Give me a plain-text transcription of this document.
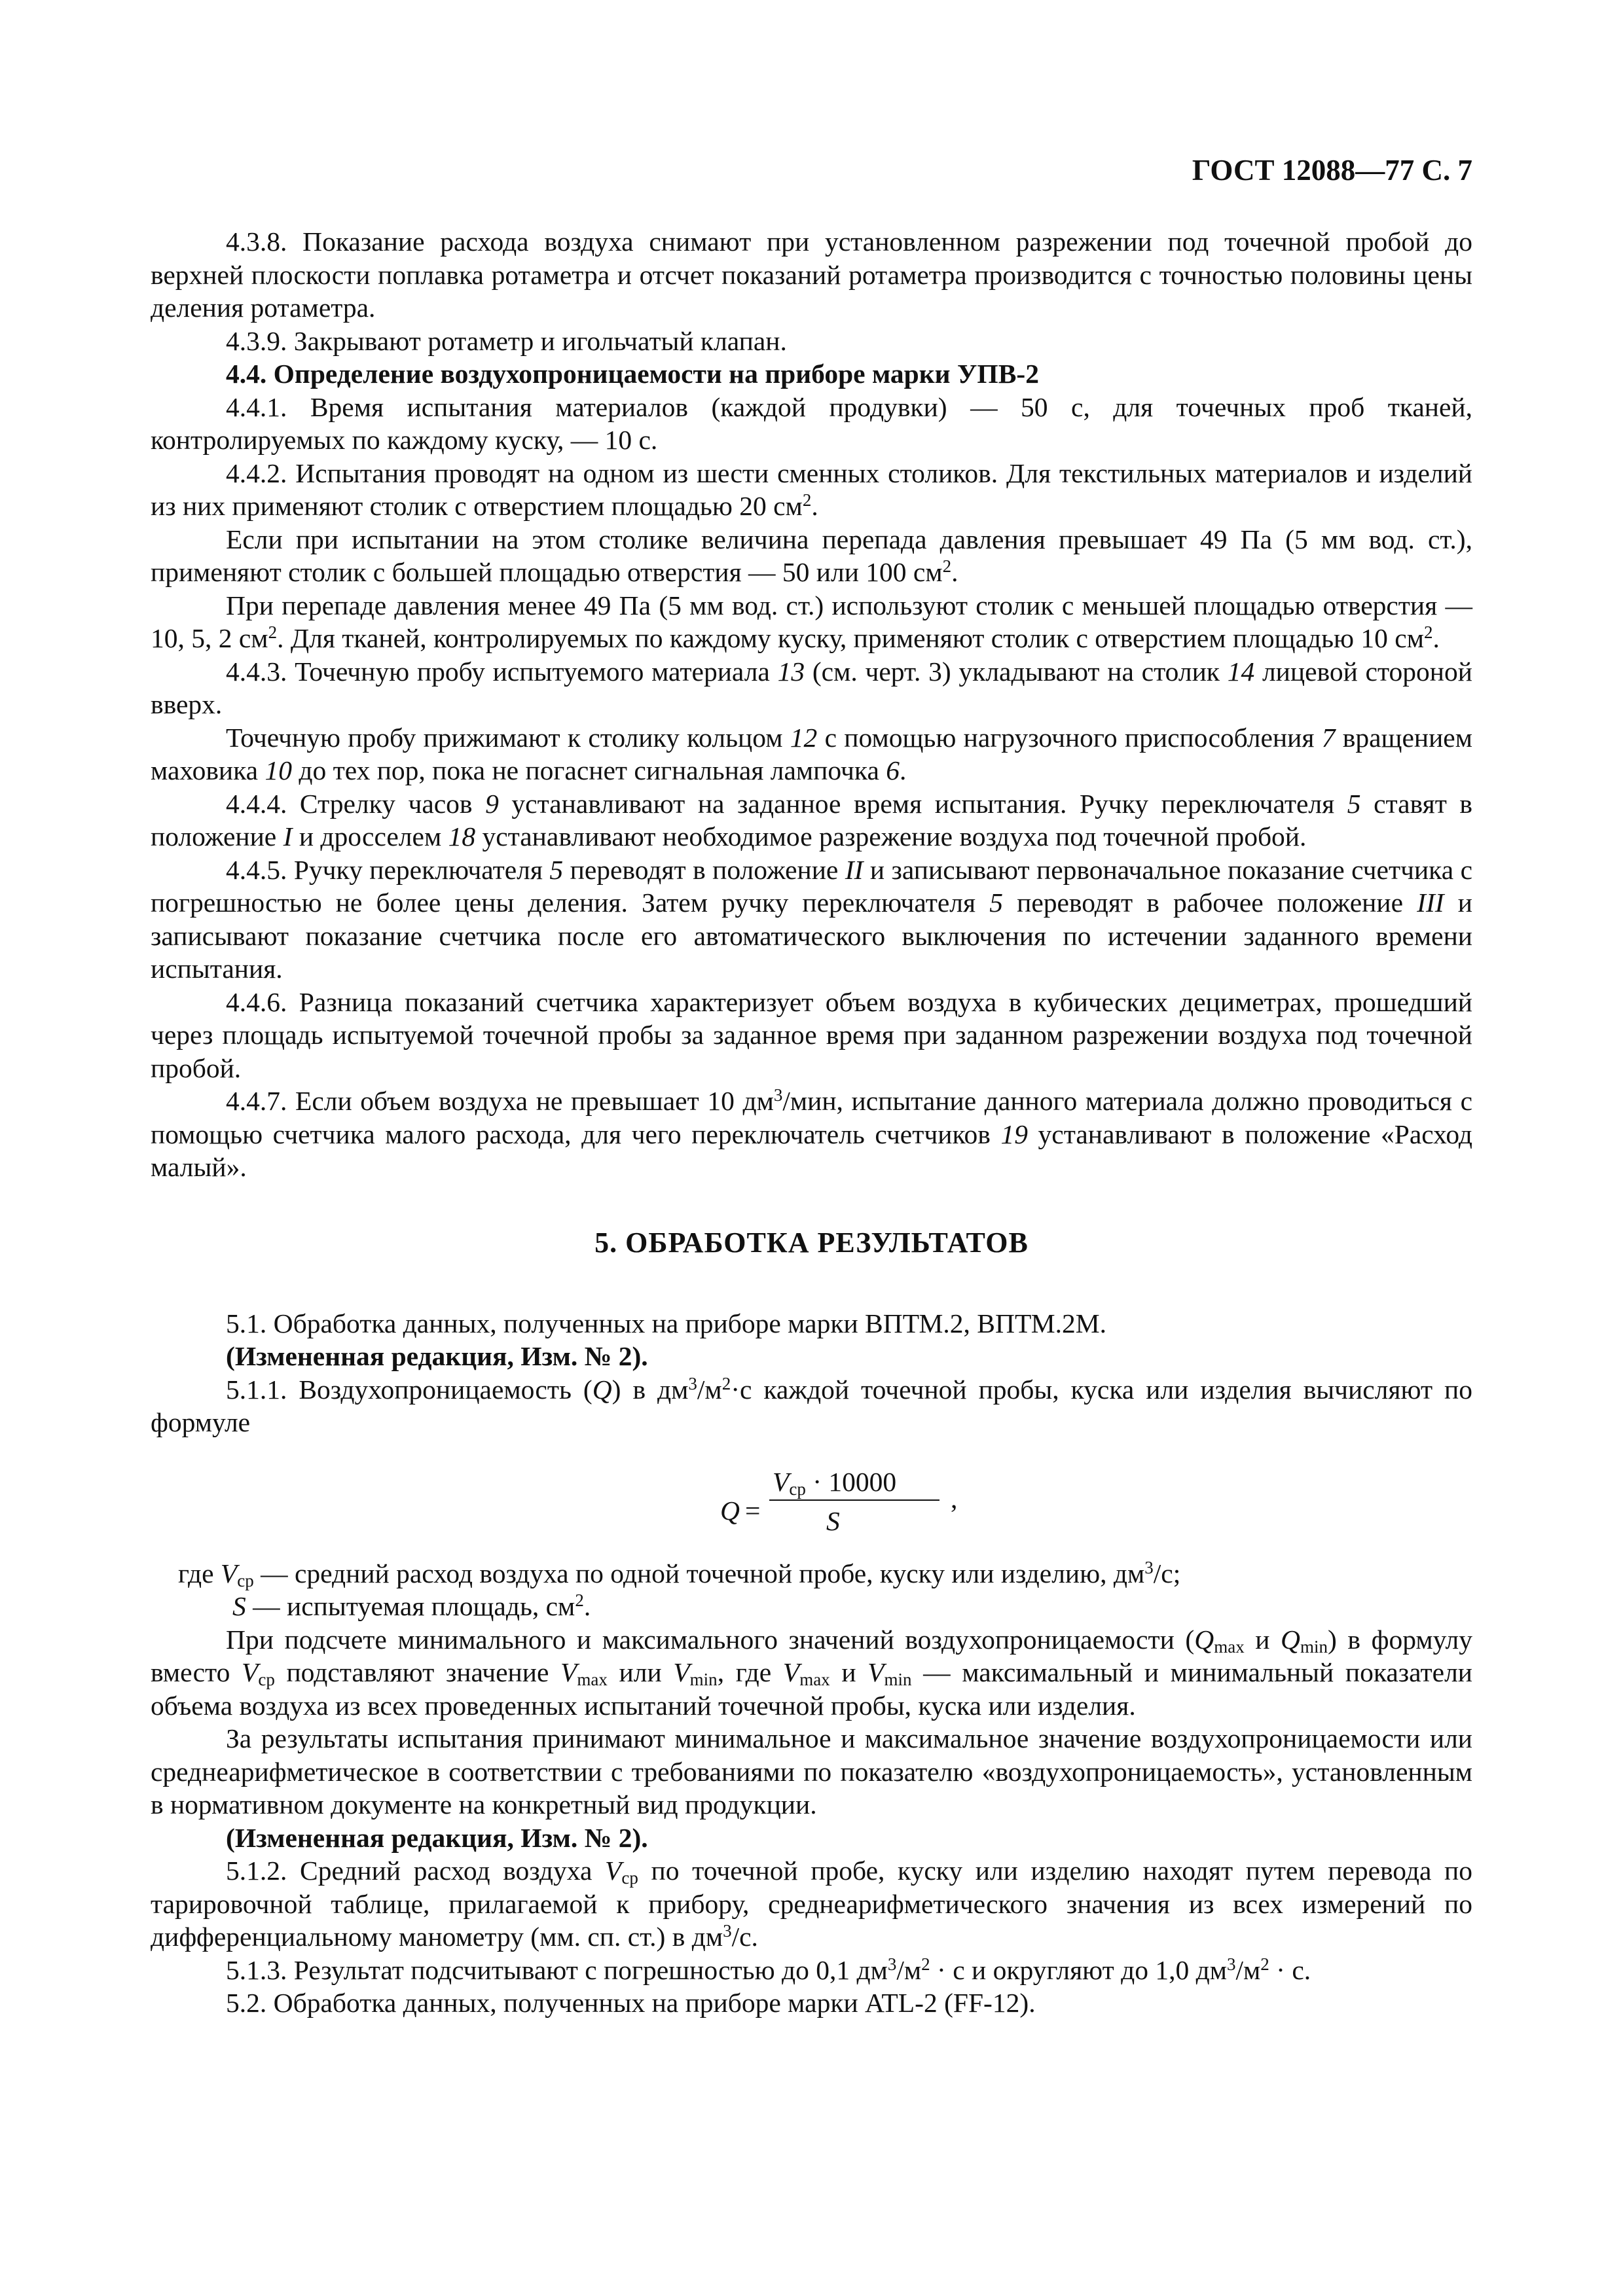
ГОСТ 12088—77 С. 7

4.3.8. Показание расхода воздуха снимают при установленном разрежении под точечной пробой до верхней плоскости поплавка ротаметра и отсчет показаний ротаметра производится с точностью половины цены деления ротаметра.

4.3.9. Закрывают ротаметр и игольчатый клапан.

4.4. Определение воздухопроницаемости на приборе марки УПВ-2

4.4.1. Время испытания материалов (каждой продувки) — 50 с, для точечных проб тканей, контролируемых по каждому куску, — 10 с.

4.4.2. Испытания проводят на одном из шести сменных столиков. Для текстильных материалов и изделий из них применяют столик с отверстием площадью 20 $см^2$.

Если при испытании на этом столике величина перепада давления превышает 49 Па (5 мм вод. ст.), применяют столик с большей площадью отверстия — 50 или 100 $см^2$.

При перепаде давления менее 49 Па (5 мм вод. ст.) используют столик с меньшей площадью отверстия — 10, 5, 2 $см^2$. Для тканей, контролируемых по каждому куску, применяют столик с отверстием площадью 10 $см^2$.

4.4.3. Точечную пробу испытуемого материала 13 (см. черт. 3) укладывают на столик 14 лицевой стороной вверх.

Точечную пробу прижимают к столику кольцом 12 с помощью нагрузочного приспособления 7 вращением маховика 10 до тех пор, пока не погаснет сигнальная лампочка 6.

4.4.4. Стрелку часов 9 устанавливают на заданное время испытания. Ручку переключателя 5 ставят в положение I и дросселем 18 устанавливают необходимое разрежение воздуха под точечной пробой.

4.4.5. Ручку переключателя 5 переводят в положение II и записывают первоначальное показание счетчика с погрешностью не более цены деления. Затем ручку переключателя 5 переводят в рабочее положение III и записывают показание счетчика после его автоматического выключения по истечении заданного времени испытания.

4.4.6. Разница показаний счетчика характеризует объем воздуха в кубических дециметрах, прошедший через площадь испытуемой точечной пробы за заданное время при заданном разрежении воздуха под точечной пробой.

4.4.7. Если объем воздуха не превышает 10 $дм^3$/мин, испытание данного материала должно проводиться с помощью счетчика малого расхода, для чего переключатель счетчиков 19 устанавливают в положение «Расход малый».

5. ОБРАБОТКА РЕЗУЛЬТАТОВ

5.1. Обработка данных, полученных на приборе марки ВПТМ.2, ВПТМ.2М.

(Измененная редакция, Изм. № 2).

5.1.1. Воздухопроницаемость (Q) в $дм^3/м^2\cdot с$ каждой точечной пробы, куска или изделия вычисляют по формуле

Q =
$V_{ср} \cdot 10000$
S
,

где $V_{ср}$ — средний расход воздуха по одной точечной пробе, куску или изделию, $дм^3/с$;

S — испытуемая площадь, $см^2$.

При подсчете минимального и максимального значений воздухопроницаемости ($Q_{max}$ и $Q_{min}$) в формулу вместо $V_{ср}$ подставляют значение $V_{max}$ или $V_{min}$, где $V_{max}$ и $V_{min}$ — максимальный и минимальный показатели объема воздуха из всех проведенных испытаний точечной пробы, куска или изделия.

За результаты испытания принимают минимальное и максимальное значение воздухопроницаемости или среднеарифметическое в соответствии с требованиями по показателю «воздухопроницаемость», установленным в нормативном документе на конкретный вид продукции.

(Измененная редакция, Изм. № 2).

5.1.2. Средний расход воздуха $V_{ср}$ по точечной пробе, куску или изделию находят путем перевода по тарировочной таблице, прилагаемой к прибору, среднеарифметического значения из всех измерений по дифференциальному манометру (мм. сп. ст.) в $дм^3/с$.

5.1.3. Результат подсчитывают с погрешностью до 0,1 $дм^3/м^2 \cdot с$ и округляют до 1,0 $дм^3/м^2 \cdot с$.

5.2. Обработка данных, полученных на приборе марки ATL-2 (FF-12).
